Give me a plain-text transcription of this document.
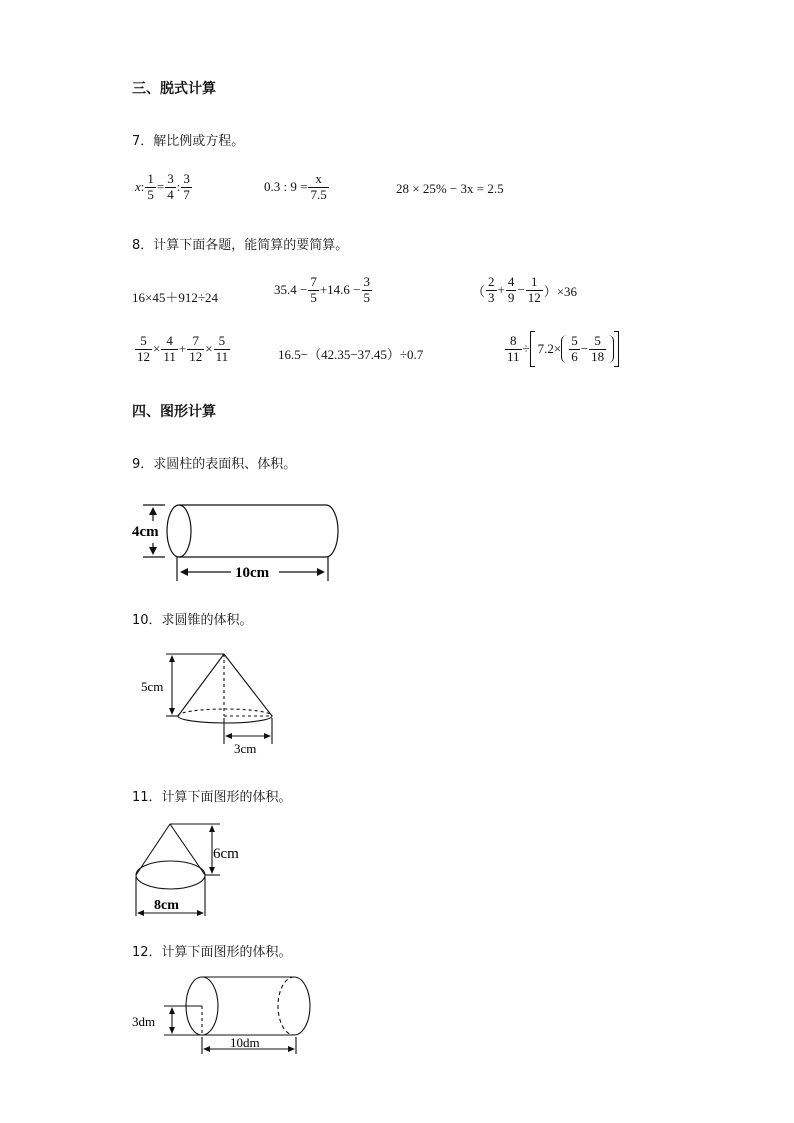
三、脱式计算
7．解比例或方程。
x : $\frac{1}{5} = \frac{3}{4}$ : $\frac{3}{7}$	0.3 : $9 = \frac{x}{7.5}$	28 × 25% − 3x = 2.5
8．计算下面各题，能简算的要简算。
16×45＋912÷24
$35.4 - \frac{7}{5} +14.6 - \frac{3}{5}$	（ $\frac{2}{3} + \frac{4}{9} - \frac{1}{12} )\times 36$
$\frac{5}{12} \times \frac{4}{11} + \frac{7}{12} \times \frac{5}{11}$	16.5−（42.35−37.45）÷0.7	$\frac{8}{11} \div 7.2\times \frac{5}{6} - \frac{5}{18}$
四、图形计算
9．求圆柱的表面积、体积。
4cm
10cm
10．求圆锥的体积。
5cm
3cm
11．计算下面图形的体积。
6cm
8cm
12．计算下面图形的体积。
3dm
10dm
